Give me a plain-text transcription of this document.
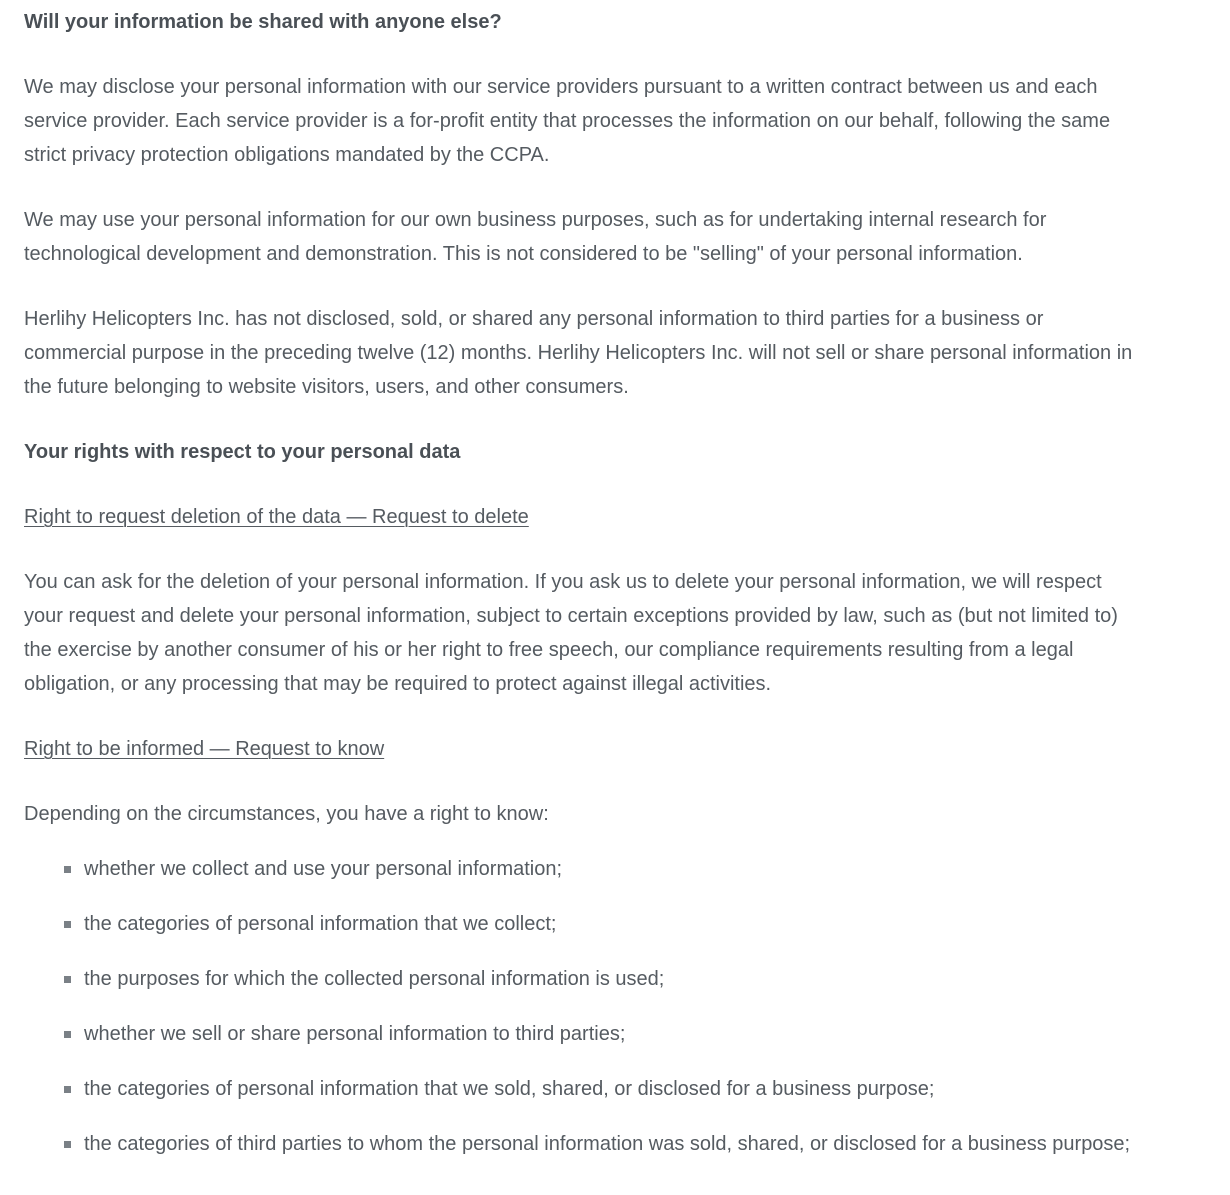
Will your information be shared with anyone else?

We may disclose your personal information with our service providers pursuant to a written contract between us and each service provider. Each service provider is a for-profit entity that processes the information on our behalf, following the same strict privacy protection obligations mandated by the CCPA.

We may use your personal information for our own business purposes, such as for undertaking internal research for technological development and demonstration. This is not considered to be "selling" of your personal information.

Herlihy Helicopters Inc. has not disclosed, sold, or shared any personal information to third parties for a business or commercial purpose in the preceding twelve (12) months. Herlihy Helicopters Inc. will not sell or share personal information in the future belonging to website visitors, users, and other consumers.

Your rights with respect to your personal data

Right to request deletion of the data — Request to delete

You can ask for the deletion of your personal information. If you ask us to delete your personal information, we will respect your request and delete your personal information, subject to certain exceptions provided by law, such as (but not limited to) the exercise by another consumer of his or her right to free speech, our compliance requirements resulting from a legal obligation, or any processing that may be required to protect against illegal activities.

Right to be informed — Request to know

Depending on the circumstances, you have a right to know:

whether we collect and use your personal information;
the categories of personal information that we collect;
the purposes for which the collected personal information is used;
whether we sell or share personal information to third parties;
the categories of personal information that we sold, shared, or disclosed for a business purpose;
the categories of third parties to whom the personal information was sold, shared, or disclosed for a business purpose;
